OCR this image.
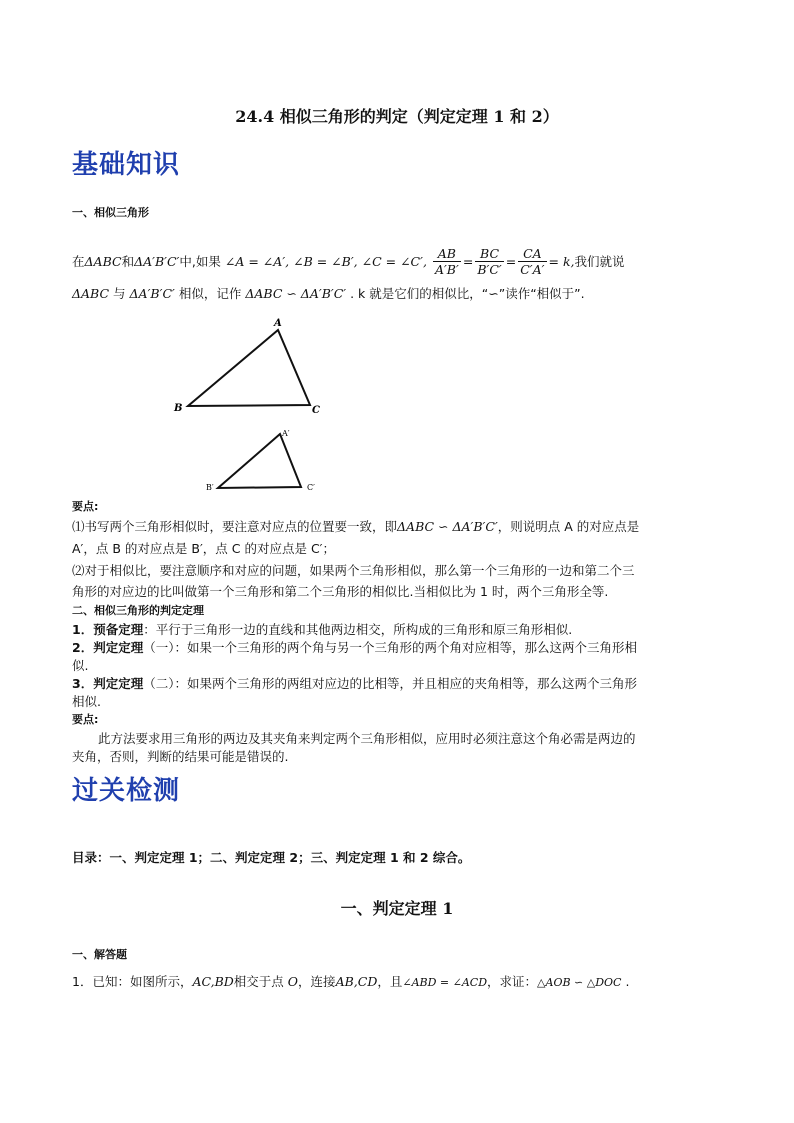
24.4 相似三角形的判定（判定定理 1 和 2）
基础知识
一、相似三角形
在 ΔABC 和 ΔA′B′C′ 中,如果 ∠A = ∠A′, ∠B = ∠B′, ∠C = ∠C′, $\frac{AB}{A'B'} = \frac{BC}{B'C'} = \frac{CA}{C'A'} = k$, 我们就说
ΔABC 与 ΔA′B′C′ 相似，记作 ΔABC ∽ ΔA′B′C′ . k 就是它们的相似比，“∽”读作“相似于”.
A
B	C
A′
B′	C′
要点:
⑴书写两个三角形相似时，要注意对应点的位置要一致，即ΔABC ∽ ΔA′B′C′，则说明点 A 的对应点是
A′，点 B 的对应点是 B′，点 C 的对应点是 C′；
⑵对于相似比，要注意顺序和对应的问题，如果两个三角形相似，那么第一个三角形的一边和第二个三
角形的对应边的比叫做第一个三角形和第二个三角形的相似比.当相似比为 1 时，两个三角形全等.
二、相似三角形的判定定理
1．预备定理：平行于三角形一边的直线和其他两边相交，所构成的三角形和原三角形相似.
2．判定定理（一）：如果一个三角形的两个角与另一个三角形的两个角对应相等，那么这两个三角形相
似.
3．判定定理（二）：如果两个三角形的两组对应边的比相等，并且相应的夹角相等，那么这两个三角形
相似.
要点:
此方法要求用三角形的两边及其夹角来判定两个三角形相似，应用时必须注意这个角必需是两边的
夹角，否则，判断的结果可能是错误的.
过关检测
目录：一、判定定理 1；二、判定定理 2；三、判定定理 1 和 2 综合。
一、判定定理 1
一、解答题
1．已知：如图所示，AC,BD相交于点 O，连接AB,CD，且∠ABD = ∠ACD，求证：△AOB ∽ △DOC .
